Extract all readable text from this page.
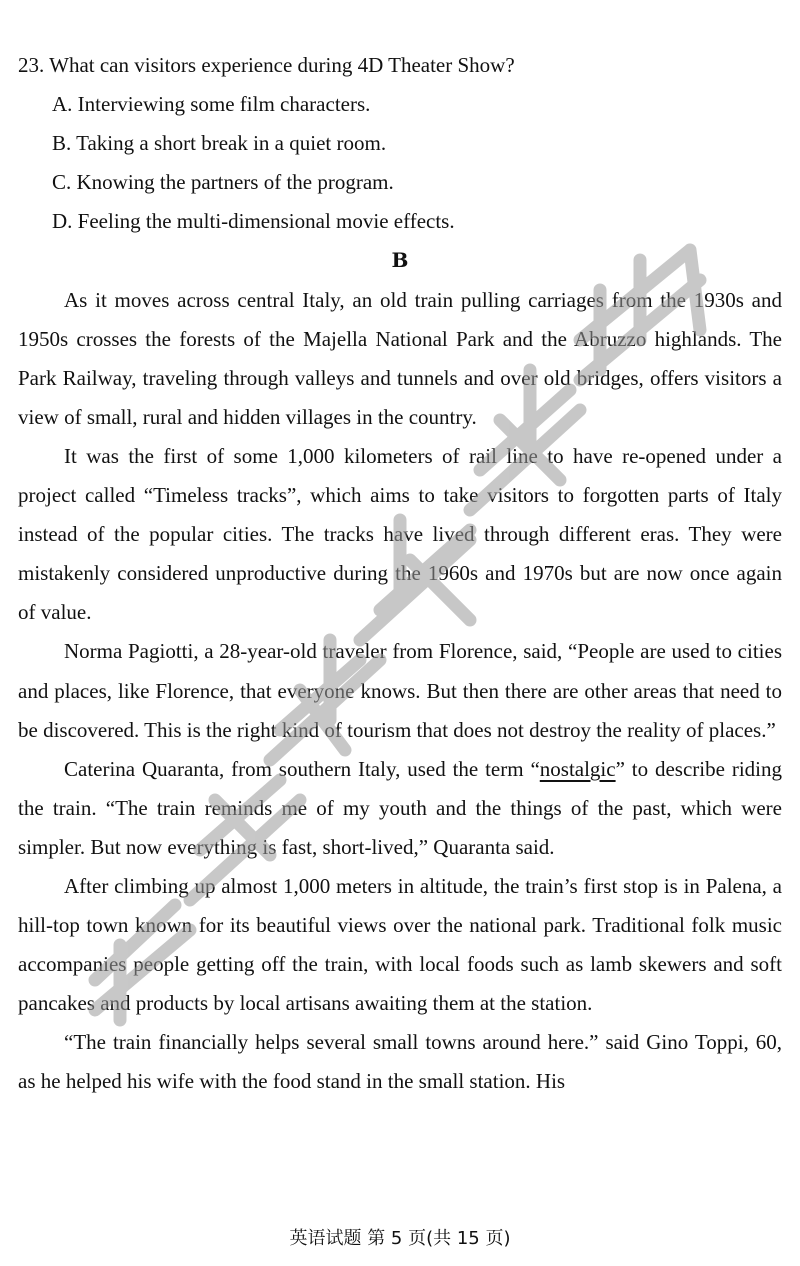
23. What can visitors experience during 4D Theater Show?

A. Interviewing some film characters.

B. Taking a short break in a quiet room.

C. Knowing the partners of the program.

D. Feeling the multi-dimensional movie effects.

B

As it moves across central Italy, an old train pulling carriages from the 1930s and 1950s crosses the forests of the Majella National Park and the Abruzzo highlands. The Park Railway, traveling through valleys and tunnels and over old bridges, offers visitors a view of small, rural and hidden villages in the country.

It was the first of some 1,000 kilometers of rail line to have re-opened under a project called “Timeless tracks”, which aims to take visitors to forgotten parts of Italy instead of the popular cities. The tracks have lived through different eras. They were mistakenly considered unproductive during the 1960s and 1970s but are now once again of value.

Norma Pagiotti, a 28-year-old traveler from Florence, said, “People are used to cities and places, like Florence, that everyone knows. But then there are other areas that need to be discovered. This is the right kind of tourism that does not destroy the reality of places.”

Caterina Quaranta, from southern Italy, used the term “nostalgic” to describe riding the train. “The train reminds me of my youth and the things of the past, which were simpler. But now everything is fast, short-lived,” Quaranta said.

After climbing up almost 1,000 meters in altitude, the train’s first stop is in Palena, a hill-top town known for its beautiful views over the national park. Traditional folk music accompanies people getting off the train, with local foods such as lamb skewers and soft pancakes and products by local artisans awaiting them at the station.

“The train financially helps several small towns around here.” said Gino Toppi, 60, as he helped his wife with the food stand in the small station. His

英语试题 第 5 页(共 15 页)
